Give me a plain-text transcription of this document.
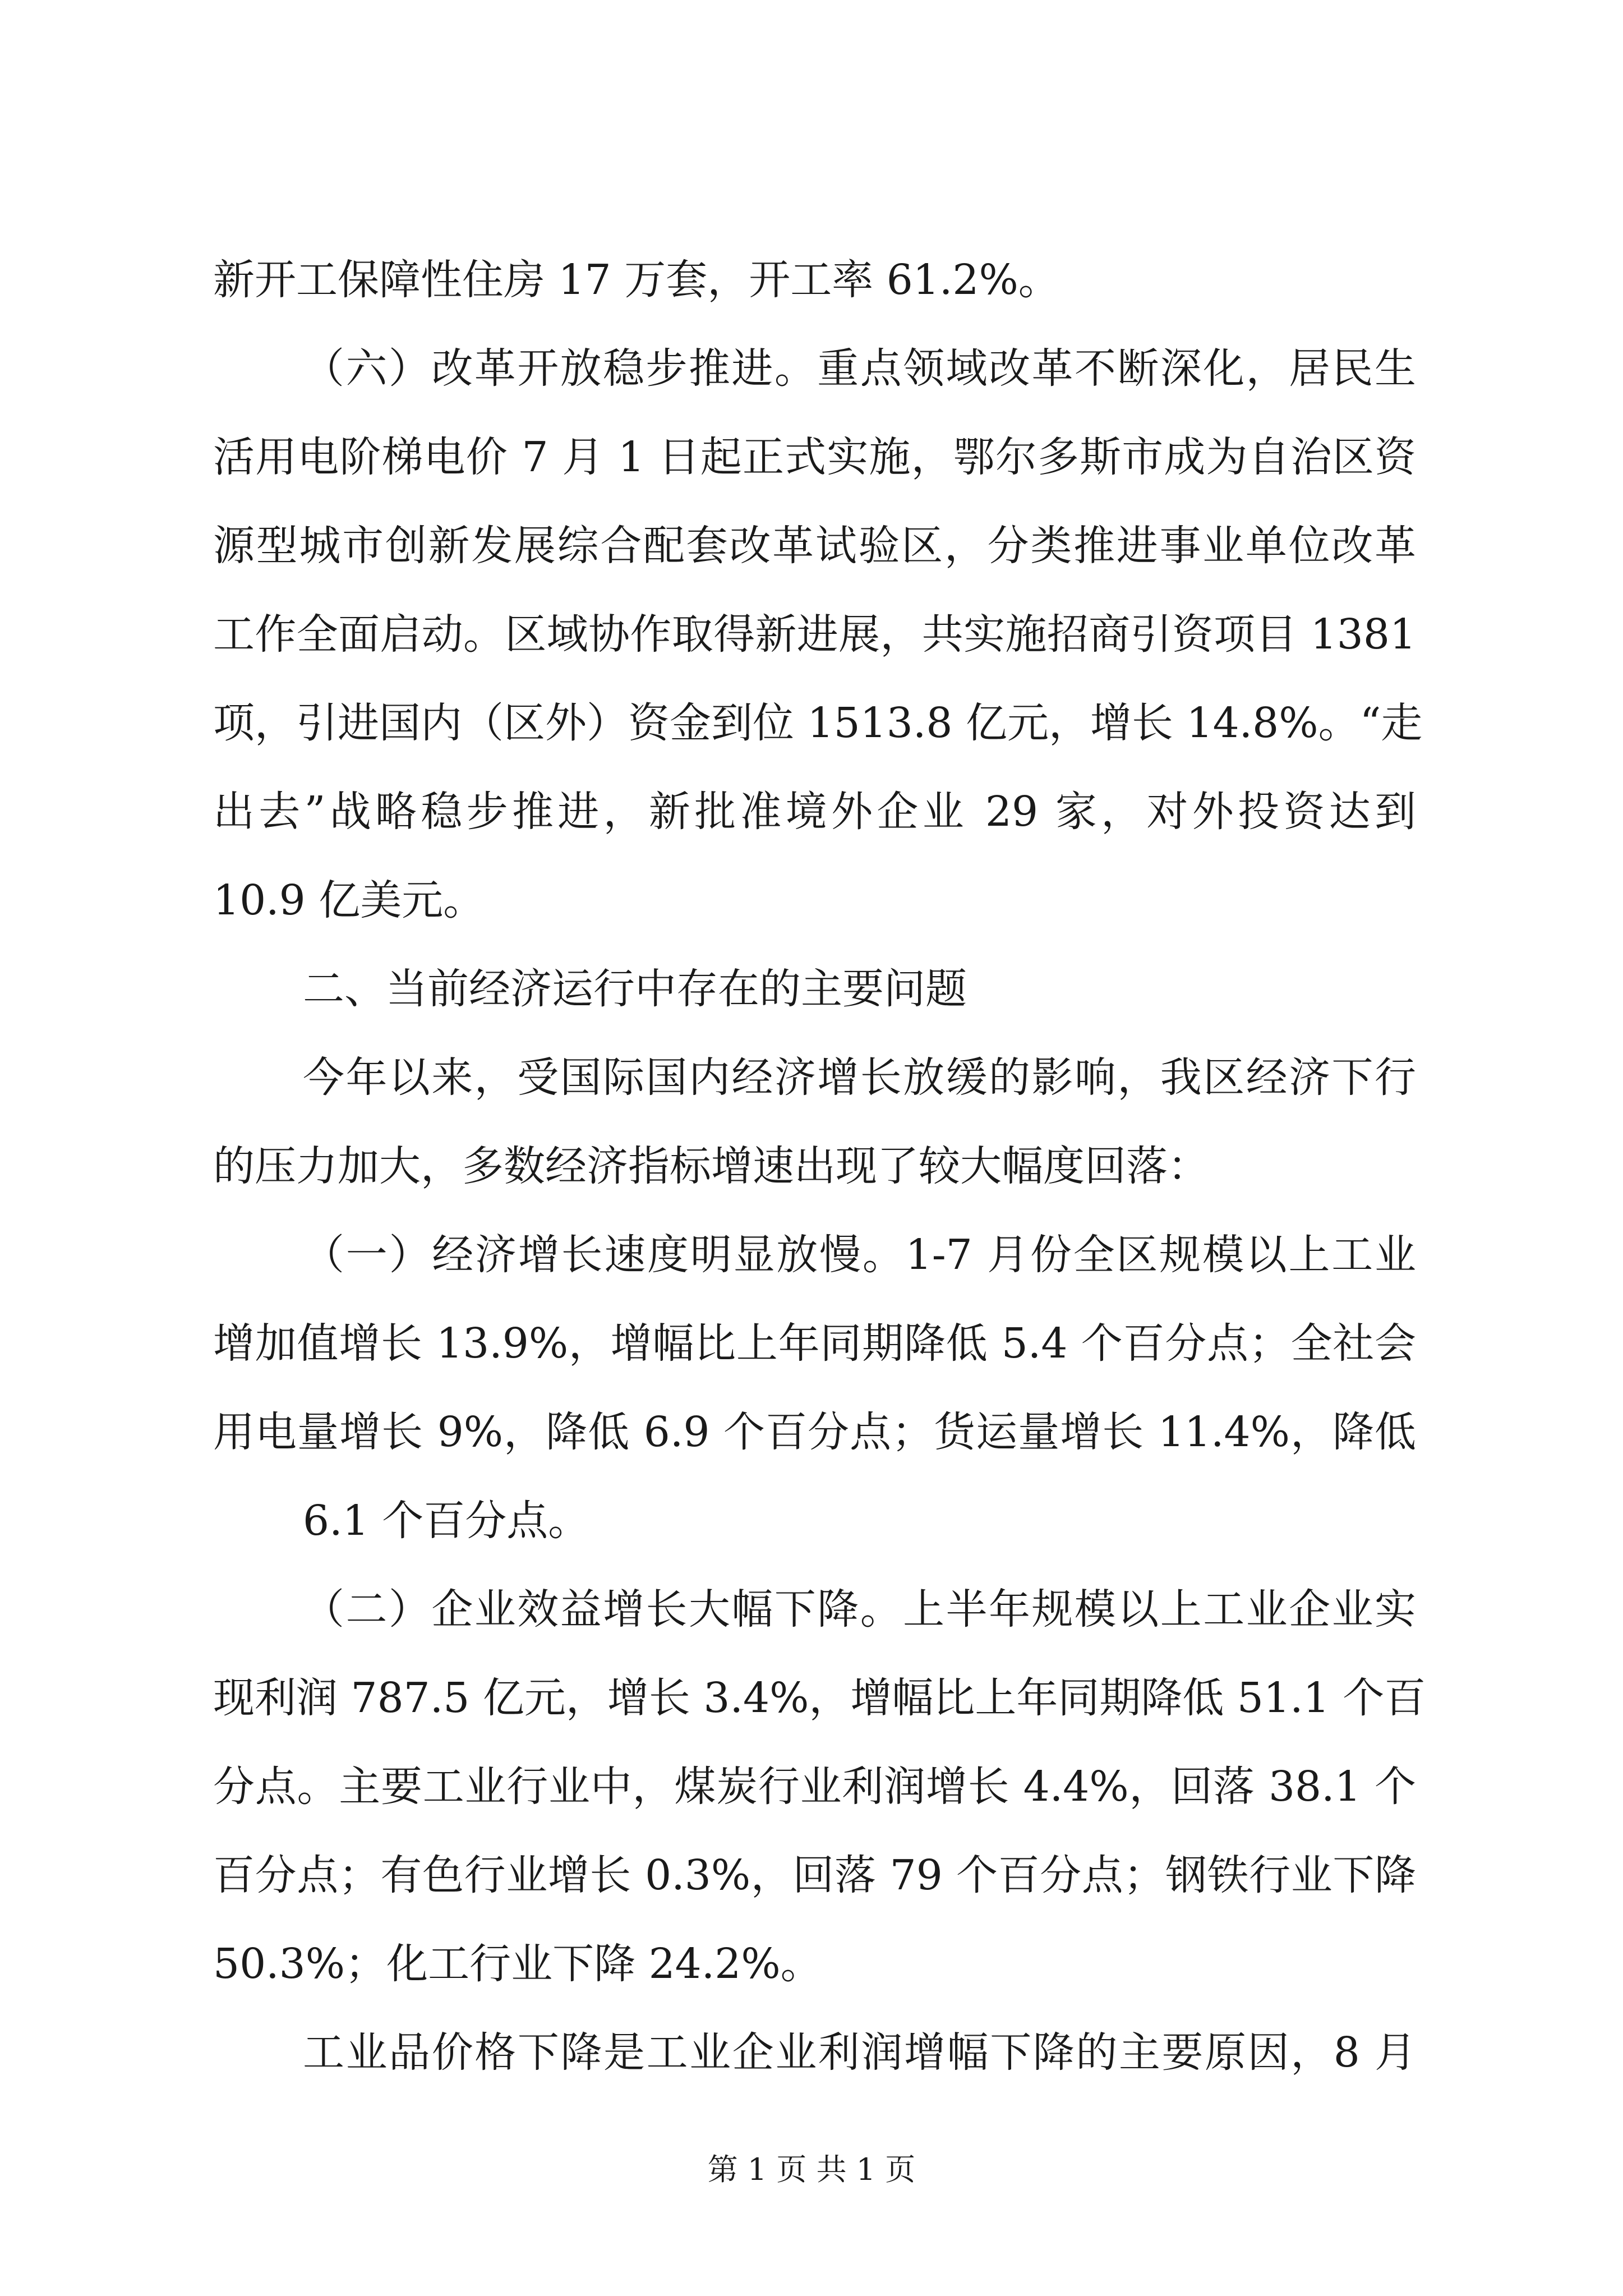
新开工保障性住房 17 万套，开工率 61.2%。
（六）改革开放稳步推进。重点领域改革不断深化，居民生
活用电阶梯电价 7 月 1 日起正式实施，鄂尔多斯市成为自治区资
源型城市创新发展综合配套改革试验区，分类推进事业单位改革
工作全面启动。区域协作取得新进展，共实施招商引资项目 1381
项，引进国内（区外）资金到位 1513.8 亿元，增长 14.8%。“走
出去”战略稳步推进，新批准境外企业 29 家，对外投资达到
10.9 亿美元。
二、当前经济运行中存在的主要问题
今年以来，受国际国内经济增长放缓的影响，我区经济下行
的压力加大，多数经济指标增速出现了较大幅度回落：
（一）经济增长速度明显放慢。1-7 月份全区规模以上工业
增加值增长 13.9%，增幅比上年同期降低 5.4 个百分点；全社会
用电量增长 9%，降低 6.9 个百分点；货运量增长 11.4%，降低
6.1 个百分点。
（二）企业效益增长大幅下降。上半年规模以上工业企业实
现利润 787.5 亿元，增长 3.4%，增幅比上年同期降低 51.1 个百
分点。主要工业行业中，煤炭行业利润增长 4.4%，回落 38.1 个
百分点；有色行业增长 0.3%，回落 79 个百分点；钢铁行业下降
50.3%；化工行业下降 24.2%。
工业品价格下降是工业企业利润增幅下降的主要原因，8 月
第 1 页 共 1 页
